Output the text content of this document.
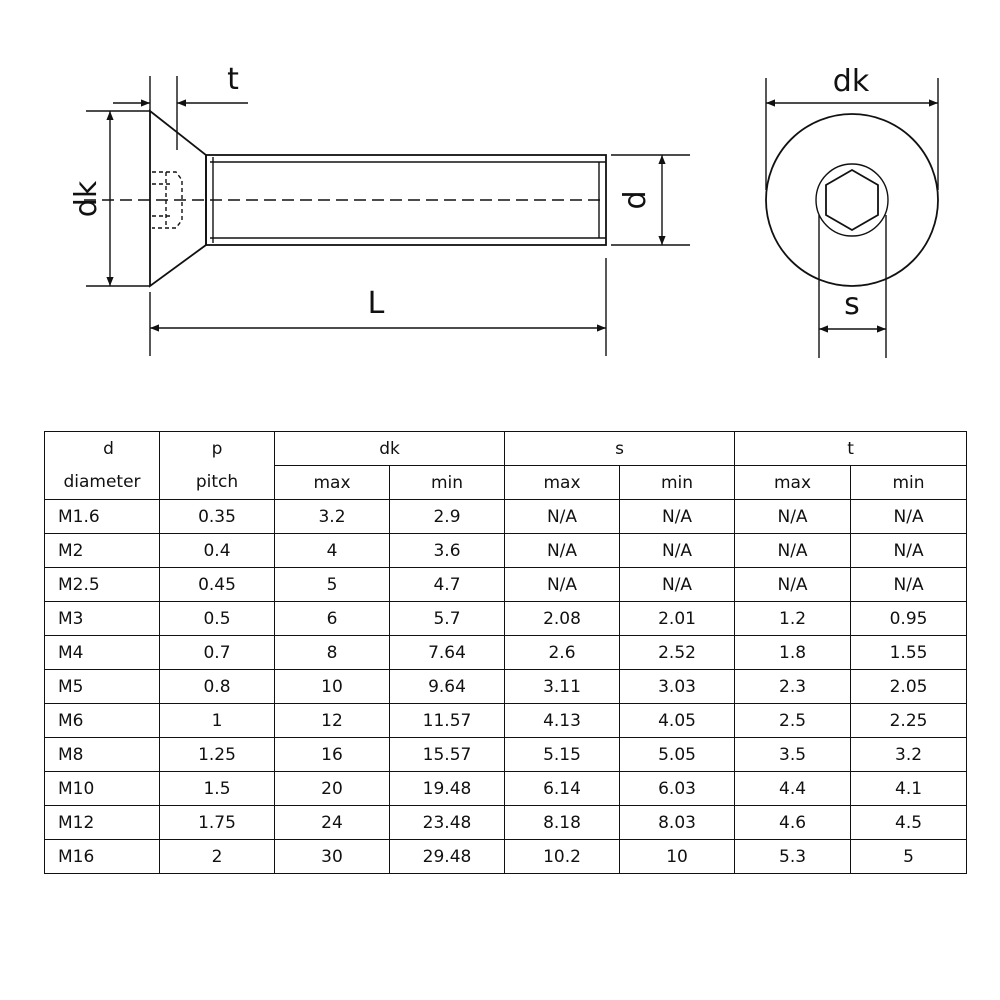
t
dk	d
L
dk
s
d	p	dk		s		t	
diameter	pitch	max	min	max	min	max	min
M1.6	0.35	3.2	2.9	N/A	N/A	N/A	N/A
M2	0.4	4	3.6	N/A	N/A	N/A	N/A
M2.5	0.45	5	4.7	N/A	N/A	N/A	N/A
M3	0.5	6	5.7	2.08	2.01	1.2	0.95
M4	0.7	8	7.64	2.6	2.52	1.8	1.55
M5	0.8	10	9.64	3.11	3.03	2.3	2.05
M6	1	12	11.57	4.13	4.05	2.5	2.25
M8	1.25	16	15.57	5.15	5.05	3.5	3.2
M10	1.5	20	19.48	6.14	6.03	4.4	4.1
M12	1.75	24	23.48	8.18	8.03	4.6	4.5
M16	2	30	29.48	10.2	10	5.3	5
